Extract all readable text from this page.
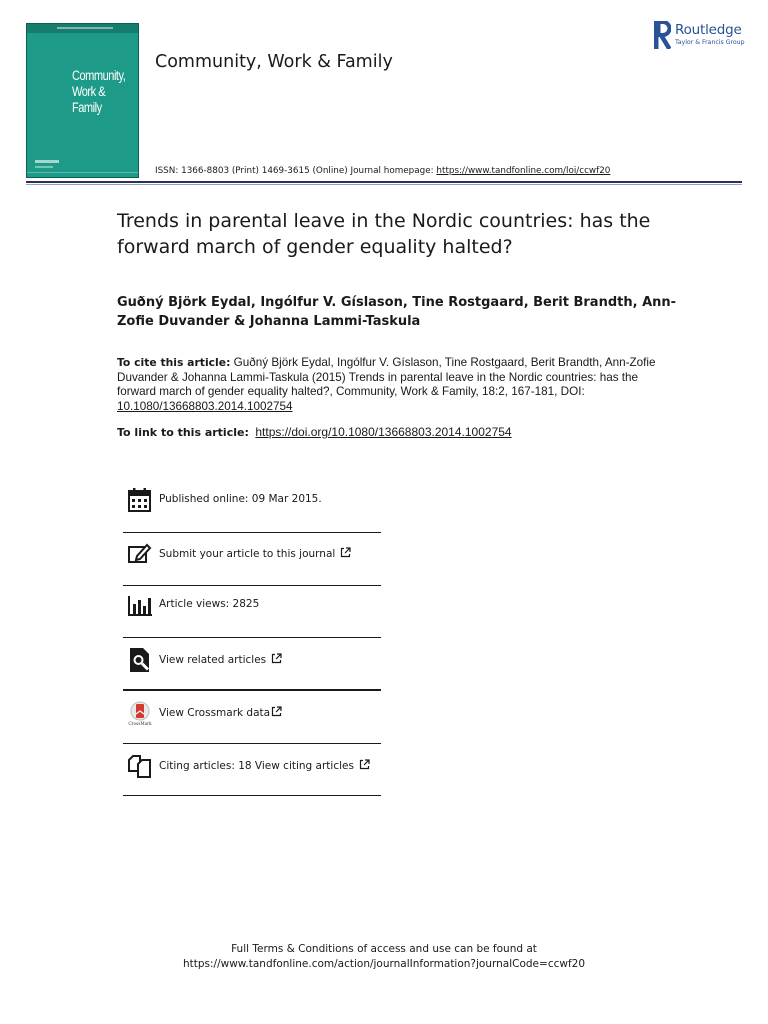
Community, Work & Family
Community, Work & Family
Routledge
Taylor & Francis Group
ISSN: 1366-8803 (Print) 1469-3615 (Online) Journal homepage: https://www.tandfonline.com/loi/ccwf20
Trends in parental leave in the Nordic countries: has the forward march of gender equality halted?
Guðný Björk Eydal, Ingólfur V. Gíslason, Tine Rostgaard, Berit Brandth, Ann-Zofie Duvander & Johanna Lammi-Taskula
To cite this article: Guðný Björk Eydal, Ingólfur V. Gíslason, Tine Rostgaard, Berit Brandth, Ann-Zofie Duvander & Johanna Lammi-Taskula (2015) Trends in parental leave in the Nordic countries: has the forward march of gender equality halted?, Community, Work & Family, 18:2, 167-181, DOI: 10.1080/13668803.2014.1002754
To link to this article: https://doi.org/10.1080/13668803.2014.1002754
Published online: 09 Mar 2015.
Submit your article to this journal
Article views: 2825
View related articles
CrossMark
View Crossmark data
Citing articles: 18 View citing articles
Full Terms & Conditions of access and use can be found at
https://www.tandfonline.com/action/journalInformation?journalCode=ccwf20
